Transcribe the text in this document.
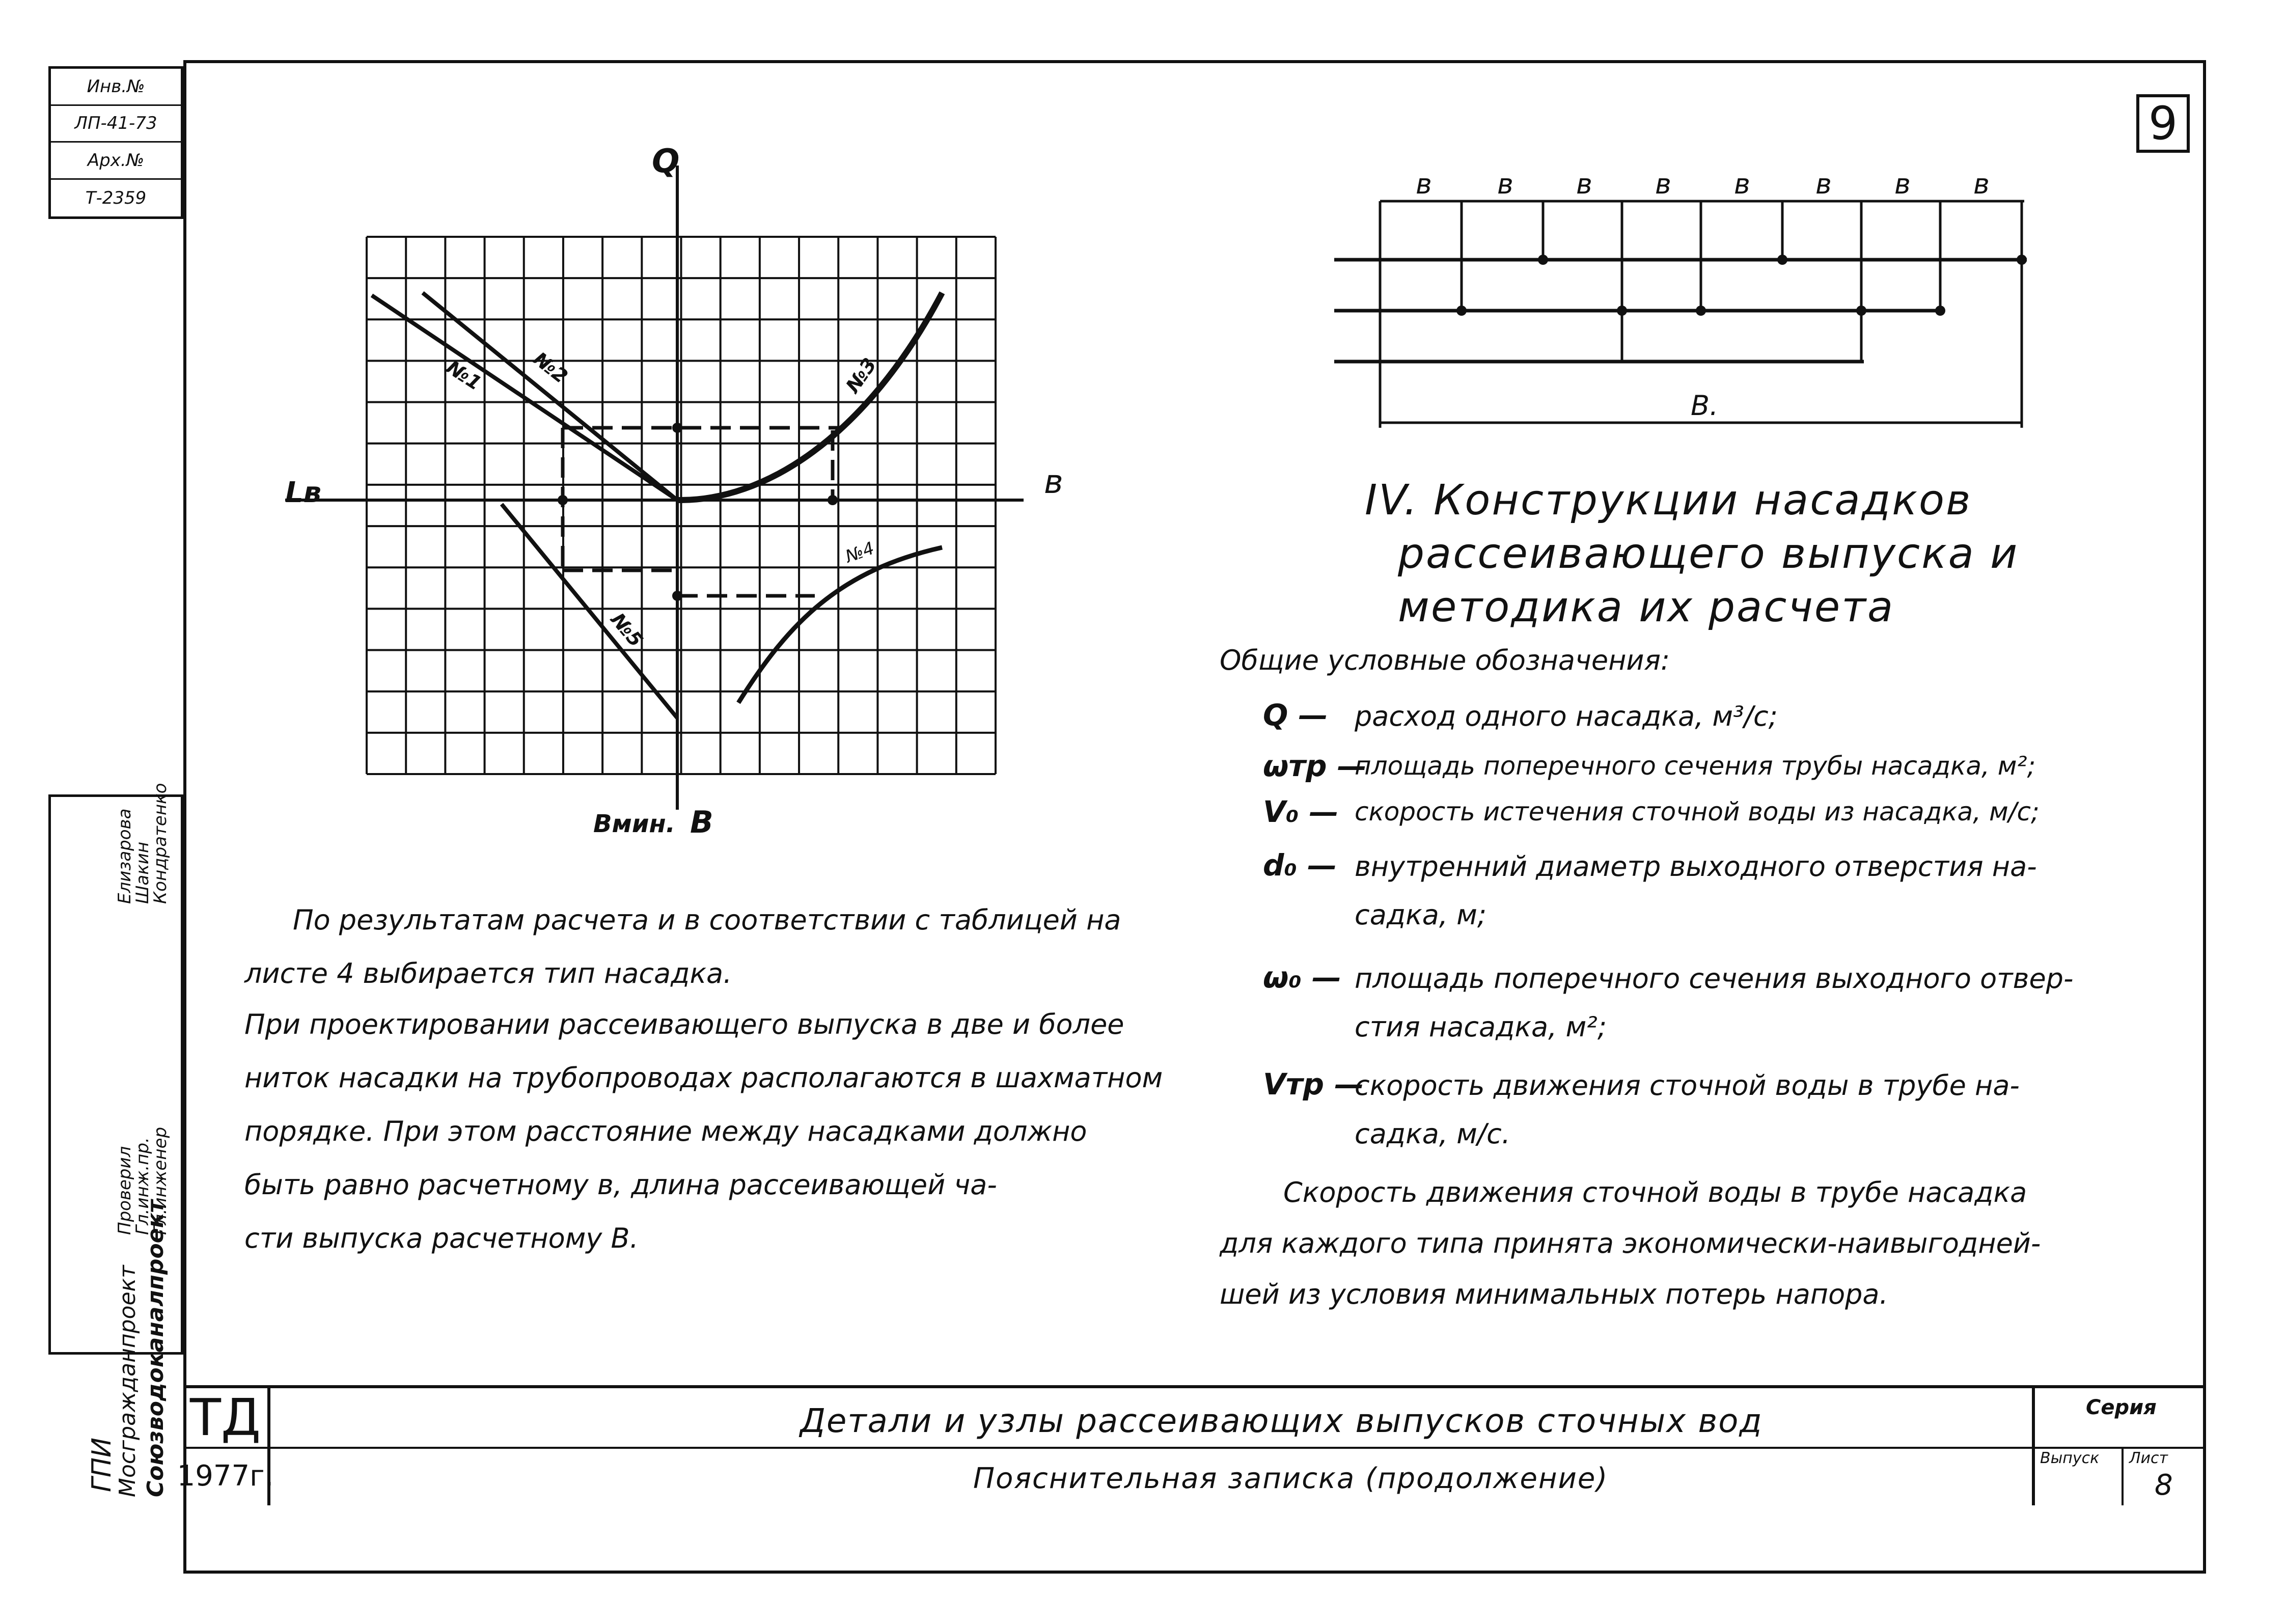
Инв.№
ЛП-41-73
Арх.№
Т-2359
Кондратенко
Шакин
Елизарова
Гл.инженер
Гл.инж.пр.
Проверил
ГПИ
Мосгражданпроект Союзводоканалпроект
9
Q
в
Lв
Вмин. В
№1 №2	№3
№4
№5
в в в в в в в в
В.
IV. Конструкции насадков
рассеивающего выпуска и
методика их расчета
Общие условные обозначения:
Q — расход одного насадка, м³/с;
ωтр —
площадь поперечного сечения трубы насадка, м²;
V₀ — скорость истечения сточной воды из насадка, м/с;
d₀ — внутренний диаметр выходного отверстия на-
садка, м;
ω₀ — площадь поперечного сечения выходного отвер-
стия насадка, м²;
Vтр —
скорость движения сточной воды в трубе на-
садка, м/с.
Скорость движения сточной воды в трубе насадка
для каждого типа принята экономически-наивыгодней-
шей из условия минимальных потерь напора.
По результатам расчета и в соответствии с таблицей на
листе 4 выбирается тип насадка.
При проектировании рассеивающего выпуска в две и более
ниток насадки на трубопроводах располагаются в шахматном
порядке. При этом расстояние между насадками должно
быть равно расчетному в, длина рассеивающей ча-
сти выпуска расчетному В.
ТД
1977г.
Детали и узлы рассеивающих выпусков сточных вод
Пояснительная записка (продолжение)
Серия
Выпуск Лист
8
